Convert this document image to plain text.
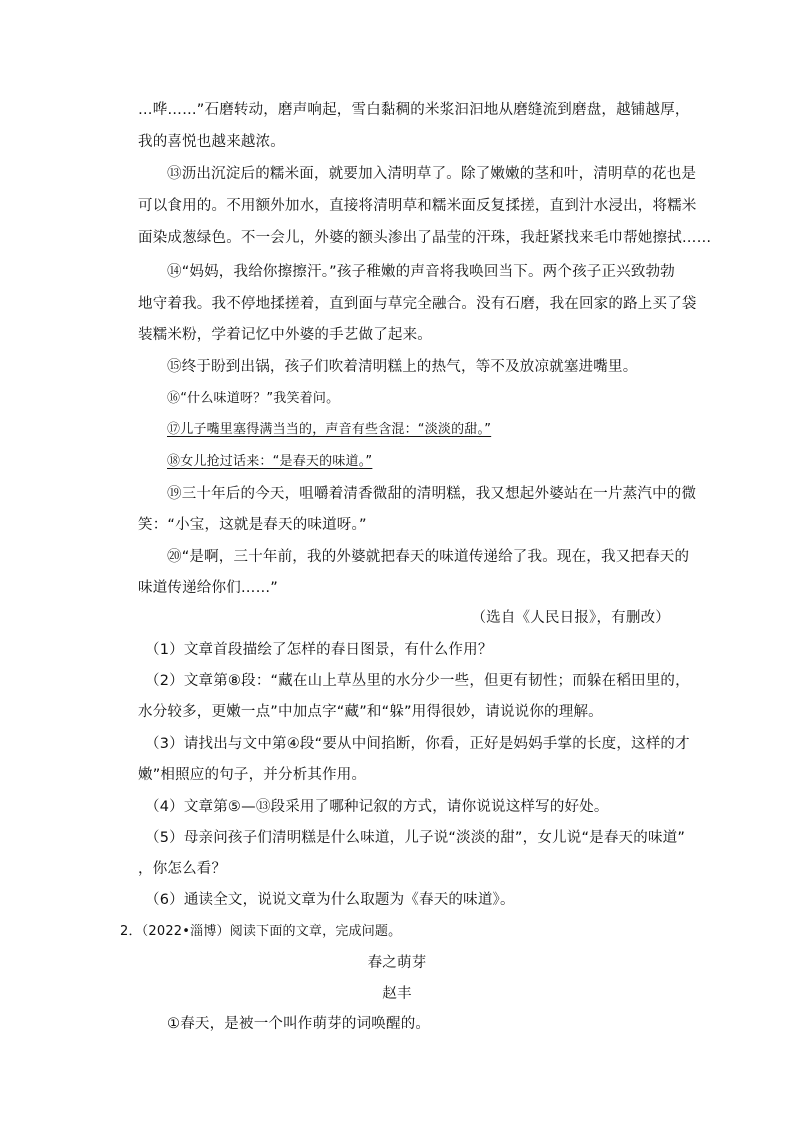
…哗……”石磨转动，磨声响起，雪白黏稠的米浆汩汩地从磨缝流到磨盘，越铺越厚，
我的喜悦也越来越浓。
⑬沥出沉淀后的糯米面，就要加入清明草了。除了嫩嫩的茎和叶，清明草的花也是
可以食用的。不用额外加水，直接将清明草和糯米面反复揉搓，直到汁水浸出，将糯米
面染成葱绿色。不一会儿，外婆的额头渗出了晶莹的汗珠，我赶紧找来毛巾帮她擦拭……
⑭“妈妈，我给你擦擦汗。”孩子稚嫩的声音将我唤回当下。两个孩子正兴致勃勃
地守着我。我不停地揉搓着，直到面与草完全融合。没有石磨，我在回家的路上买了袋
装糯米粉，学着记忆中外婆的手艺做了起来。
⑮终于盼到出锅，孩子们吹着清明糕上的热气，等不及放凉就塞进嘴里。
⑯“什么味道呀？”我笑着问。
⑰儿子嘴里塞得满当当的，声音有些含混：“淡淡的甜。”
⑱女儿抢过话来：“是春天的味道。”
⑲三十年后的今天，咀嚼着清香微甜的清明糕，我又想起外婆站在一片蒸汽中的微
笑：“小宝，这就是春天的味道呀。”
⑳“是啊，三十年前，我的外婆就把春天的味道传递给了我。现在，我又把春天的
味道传递给你们……”
（选自《人民日报》，有删改）
（1）文章首段描绘了怎样的春日图景，有什么作用？
（2）文章第⑧段：“藏在山上草丛里的水分少一些，但更有韧性；而躲在稻田里的，
水分较多，更嫩一点”中加点字“藏”和“躲”用得很妙，请说说你的理解。
（3）请找出与文中第④段“要从中间掐断，你看，正好是妈妈手掌的长度，这样的才
嫩”相照应的句子，并分析其作用。
（4）文章第⑤—⑬段采用了哪种记叙的方式，请你说说这样写的好处。
（5）母亲问孩子们清明糕是什么味道，儿子说“淡淡的甜”，女儿说“是春天的味道”
，你怎么看？
（6）通读全文，说说文章为什么取题为《春天的味道》。
2．（2022•淄博）阅读下面的文章，完成问题。
春之萌芽
赵丰
①春天，是被一个叫作萌芽的词唤醒的。
